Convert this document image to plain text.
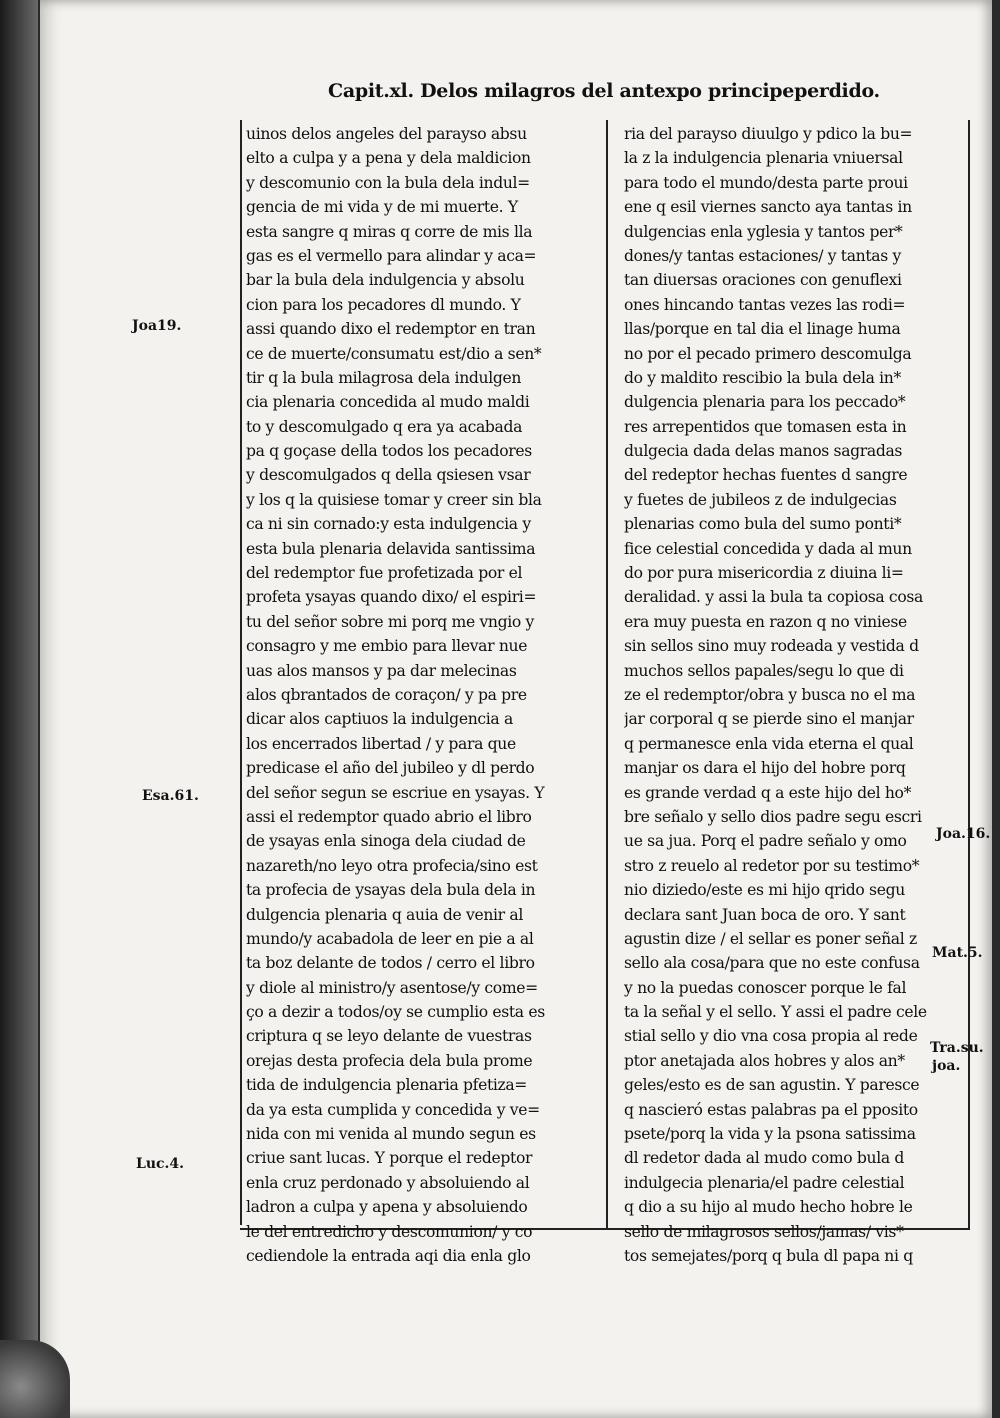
Capit.xl. Delos milagros del antexpo principeperdido.
uinos delos angeles del parayso absu
elto a culpa y a pena y dela maldicion
y descomunio con la bula dela indul=
gencia de mi vida y de mi muerte. Y
esta sangre q miras q corre de mis lla
gas es el vermello para alindar y aca=
bar la bula dela indulgencia y absolu
cion para los pecadores dl mundo. Y
assi quando dixo el redemptor en tran
ce de muerte/consumatu est/dio a sen*
tir q la bula milagrosa dela indulgen
cia plenaria concedida al mudo maldi
to y descomulgado q era ya acabada
pa q goçase della todos los pecadores
y descomulgados q della qsiesen vsar
y los q la quisiese tomar y creer sin bla
ca ni sin cornado:y esta indulgencia y
esta bula plenaria delavida santissima
del redemptor fue profetizada por el
profeta ysayas quando dixo/ el espiri=
tu del señor sobre mi porq me vngio y
consagro y me embio para llevar nue
uas alos mansos y pa dar melecinas
alos qbrantados de coraçon/ y pa pre
dicar alos captiuos la indulgencia a
los encerrados libertad / y para que
predicase el año del jubileo y dl perdo
del señor segun se escriue en ysayas. Y
assi el redemptor quado abrio el libro
de ysayas enla sinoga dela ciudad de
nazareth/no leyo otra profecia/sino est
ta profecia de ysayas dela bula dela in
dulgencia plenaria q auia de venir al
mundo/y acabadola de leer en pie a al
ta boz delante de todos / cerro el libro
y diole al ministro/y asentose/y come=
ço a dezir a todos/oy se cumplio esta es
criptura q se leyo delante de vuestras
orejas desta profecia dela bula prome
tida de indulgencia plenaria pfetiza=
da ya esta cumplida y concedida y ve=
nida con mi venida al mundo segun es
criue sant lucas. Y porque el redeptor
enla cruz perdonado y absoluiendo al
ladron a culpa y apena y absoluiendo
le del entredicho y descomunion/ y co
cediendole la entrada aqi dia enla glo
ria del parayso diuulgo y pdico la bu=
la z la indulgencia plenaria vniuersal
para todo el mundo/desta parte proui
ene q esil viernes sancto aya tantas in
dulgencias enla yglesia y tantos per*
dones/y tantas estaciones/ y tantas y
tan diuersas oraciones con genuflexi
ones hincando tantas vezes las rodi=
llas/porque en tal dia el linage huma
no por el pecado primero descomulga
do y maldito rescibio la bula dela in*
dulgencia plenaria para los peccado*
res arrepentidos que tomasen esta in
dulgecia dada delas manos sagradas
del redeptor hechas fuentes d sangre
y fuetes de jubileos z de indulgecias
plenarias como bula del sumo ponti*
fice celestial concedida y dada al mun
do por pura misericordia z diuina li=
deralidad. y assi la bula ta copiosa cosa
era muy puesta en razon q no viniese
sin sellos sino muy rodeada y vestida d
muchos sellos papales/segu lo que di
ze el redemptor/obra y busca no el ma
jar corporal q se pierde sino el manjar
q permanesce enla vida eterna el qual
manjar os dara el hijo del hobre porq
es grande verdad q a este hijo del ho*
bre señalo y sello dios padre segu escri
ue sa jua. Porq el padre señalo y omo
stro z reuelo al redetor por su testimo*
nio diziedo/este es mi hijo qrido segu
declara sant Juan boca de oro. Y sant
agustin dize / el sellar es poner señal z
sello ala cosa/para que no este confusa
y no la puedas conoscer porque le fal
ta la señal y el sello. Y assi el padre cele
stial sello y dio vna cosa propia al rede
ptor anetajada alos hobres y alos an*
geles/esto es de san agustin. Y paresce
q nascieró estas palabras pa el pposito
psete/porq la vida y la psona satissima
dl redetor dada al mudo como bula d
indulgecia plenaria/el padre celestial
q dio a su hijo al mudo hecho hobre le
sello de milagrosos sellos/jamas/ vis*
tos semejates/porq q bula dl papa ni q
Joa19.
Esa.61.
Luc.4.
Joa.16.
Mat.5.
Tra.su.
joa.
